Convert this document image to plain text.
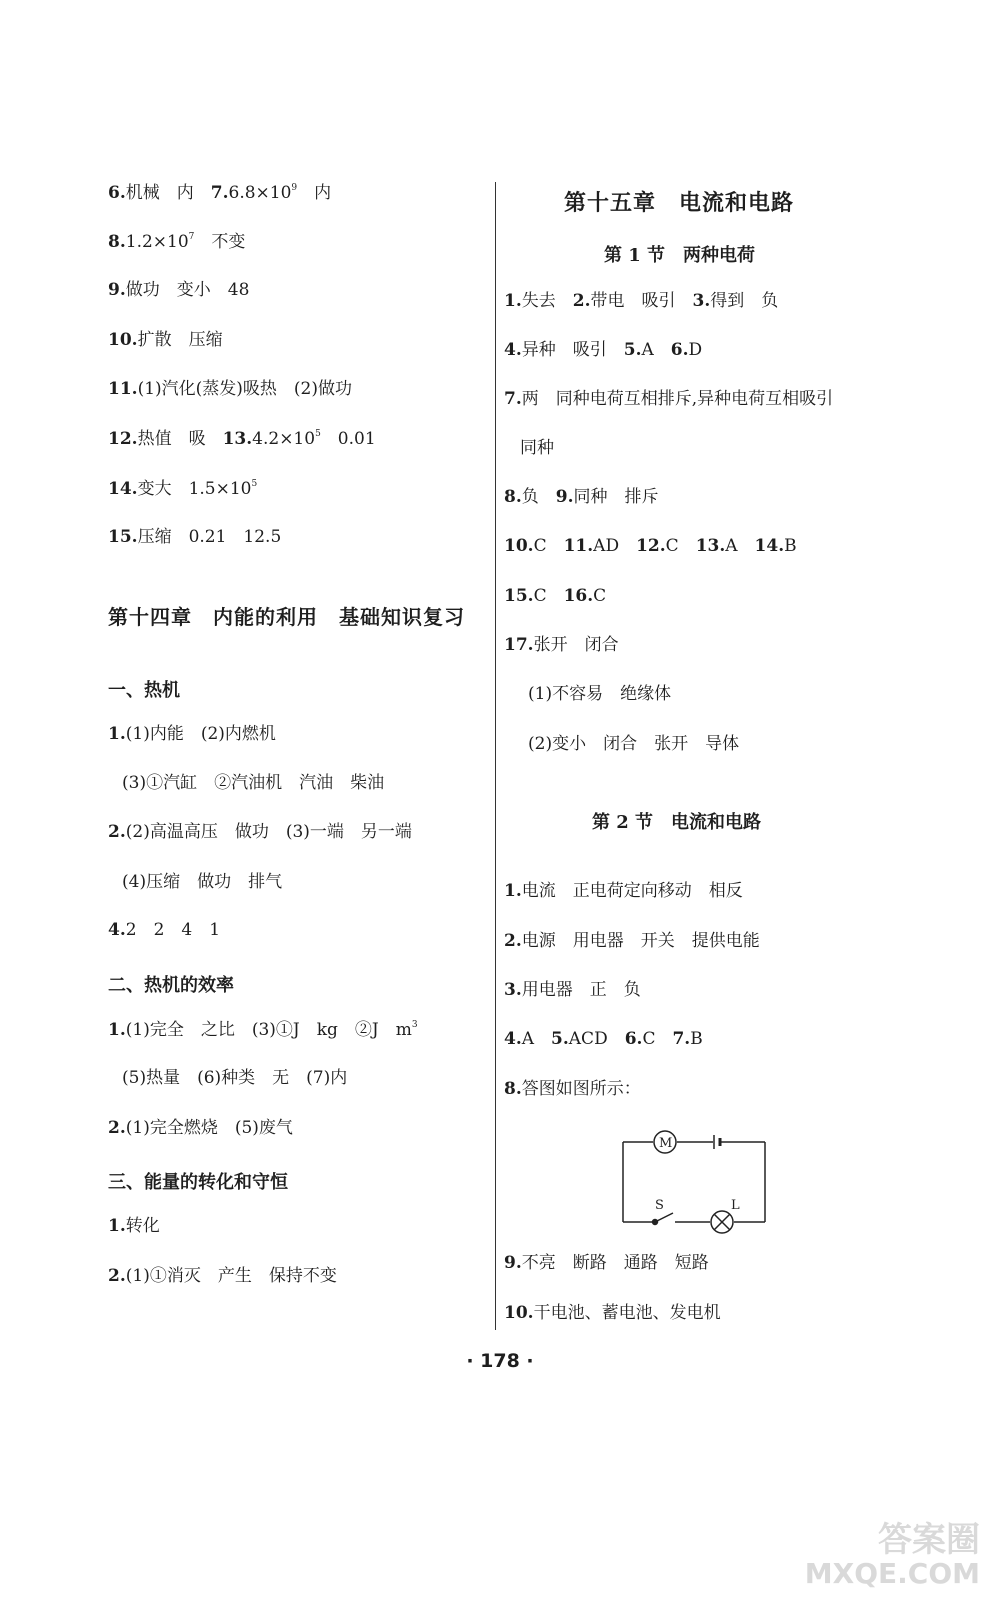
6.机械　内　$7.6.8\times 10^9$　内
$8.1.2\times 10^7$　不变
9.做功　变小　48
10.扩散　压缩
11.(1)汽化(蒸发)吸热　(2)做功
12.热值　吸　$13.4.2\times 10^5$　0.01
14.变大　$1.5\times 10^5$
15.压缩　0.21　12.5
第十四章　内能的利用　基础知识复习
一、热机
1.(1)内能　(2)内燃机
(3)①汽缸　②汽油机　汽油　柴油
2.(2)高温高压　做功　(3)一端　另一端
(4)压缩　做功　排气
4.2　2　4　1
二、热机的效率
1.(1)完全　之比　(3)①J　kg　②J　$m^3$
(5)热量　(6)种类　无　(7)内
2.(1)完全燃烧　(5)废气
三、能量的转化和守恒
1.转化
2.(1)①消灭　产生　保持不变
第十五章　电流和电路
第 1 节　两种电荷
1.失去　2.带电　吸引　3.得到　负
4.异种　吸引　5.A　6.D
7.两　同种电荷互相排斥,异种电荷互相吸引
同种
8.负　9.同种　排斥
10.C　11.AD　12.C　13.A　14.B
15.C　16.C
17.张开　闭合
(1)不容易　绝缘体
(2)变小　闭合　张开　导体
第 2 节　电流和电路
1.电流　正电荷定向移动　相反
2.电源　用电器　开关　提供电能
3.用电器　正　负
4.A　5.ACD　6.C　7.B
8.答图如图所示：
9.不亮　断路　通路　短路
10.干电池、蓄电池、发电机
M
S	L
· 178 ·
答案圈
MXQE.COM
